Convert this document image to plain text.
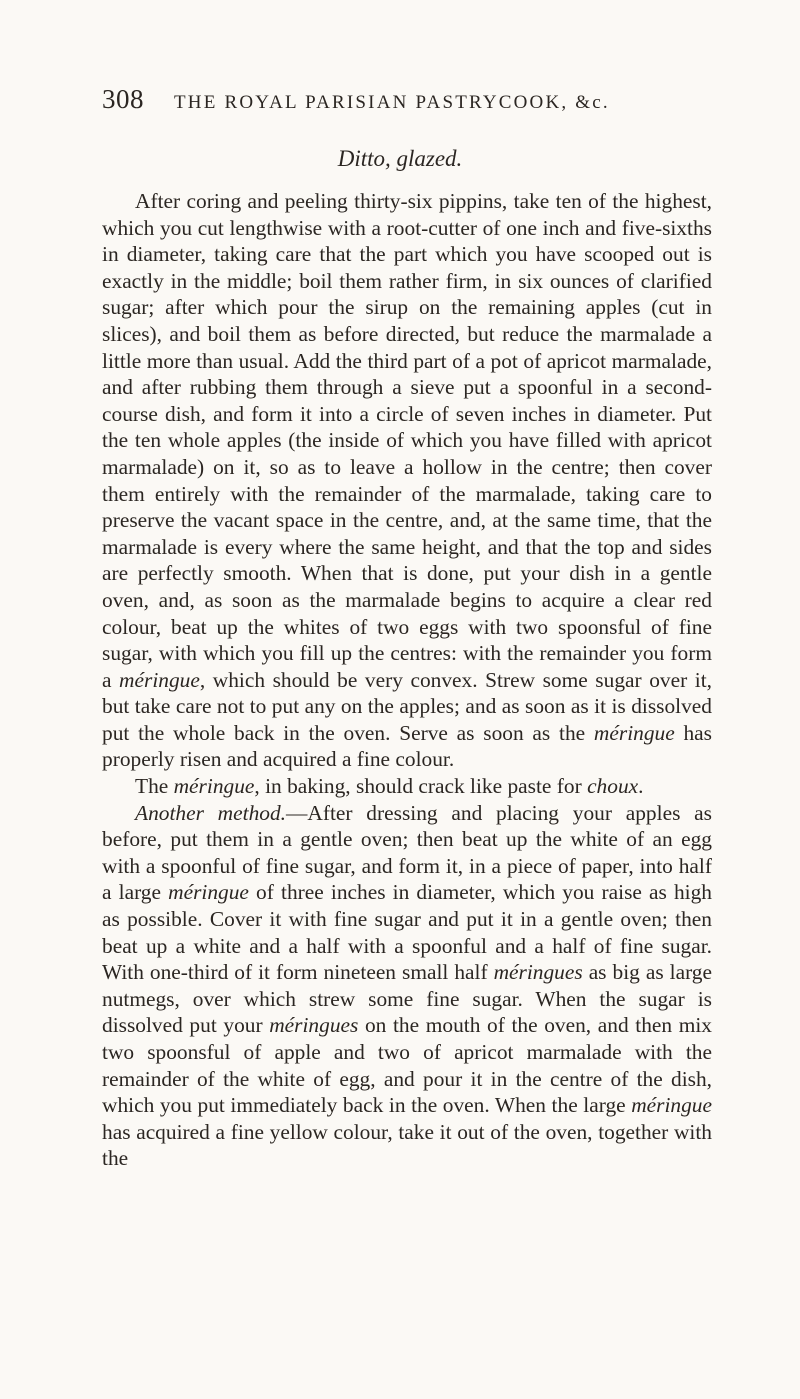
308 THE ROYAL PARISIAN PASTRYCOOK, &c.
Ditto, glazed.

After coring and peeling thirty-six pippins, take ten of the highest, which you cut lengthwise with a root-cutter of one inch and five-sixths in diameter, taking care that the part which you have scooped out is exactly in the middle; boil them rather firm, in six ounces of clarified sugar; after which pour the sirup on the remaining apples (cut in slices), and boil them as before directed, but reduce the marmalade a little more than usual. Add the third part of a pot of apricot marmalade, and after rubbing them through a sieve put a spoonful in a second-course dish, and form it into a circle of seven inches in diameter. Put the ten whole apples (the inside of which you have filled with apricot marmalade) on it, so as to leave a hollow in the centre; then cover them entirely with the remainder of the marmalade, taking care to preserve the vacant space in the centre, and, at the same time, that the marmalade is every where the same height, and that the top and sides are perfectly smooth. When that is done, put your dish in a gentle oven, and, as soon as the marmalade begins to acquire a clear red colour, beat up the whites of two eggs with two spoonsful of fine sugar, with which you fill up the centres: with the remainder you form a méringue, which should be very convex. Strew some sugar over it, but take care not to put any on the apples; and as soon as it is dissolved put the whole back in the oven. Serve as soon as the méringue has properly risen and acquired a fine colour.

The méringue, in baking, should crack like paste for choux.

Another method.—After dressing and placing your apples as before, put them in a gentle oven; then beat up the white of an egg with a spoonful of fine sugar, and form it, in a piece of paper, into half a large méringue of three inches in diameter, which you raise as high as possible. Cover it with fine sugar and put it in a gentle oven; then beat up a white and a half with a spoonful and a half of fine sugar. With one-third of it form nineteen small half méringues as big as large nutmegs, over which strew some fine sugar. When the sugar is dissolved put your méringues on the mouth of the oven, and then mix two spoonsful of apple and two of apricot marmalade with the remainder of the white of egg, and pour it in the centre of the dish, which you put immediately back in the oven. When the large méringue has acquired a fine yellow colour, take it out of the oven, together with the
